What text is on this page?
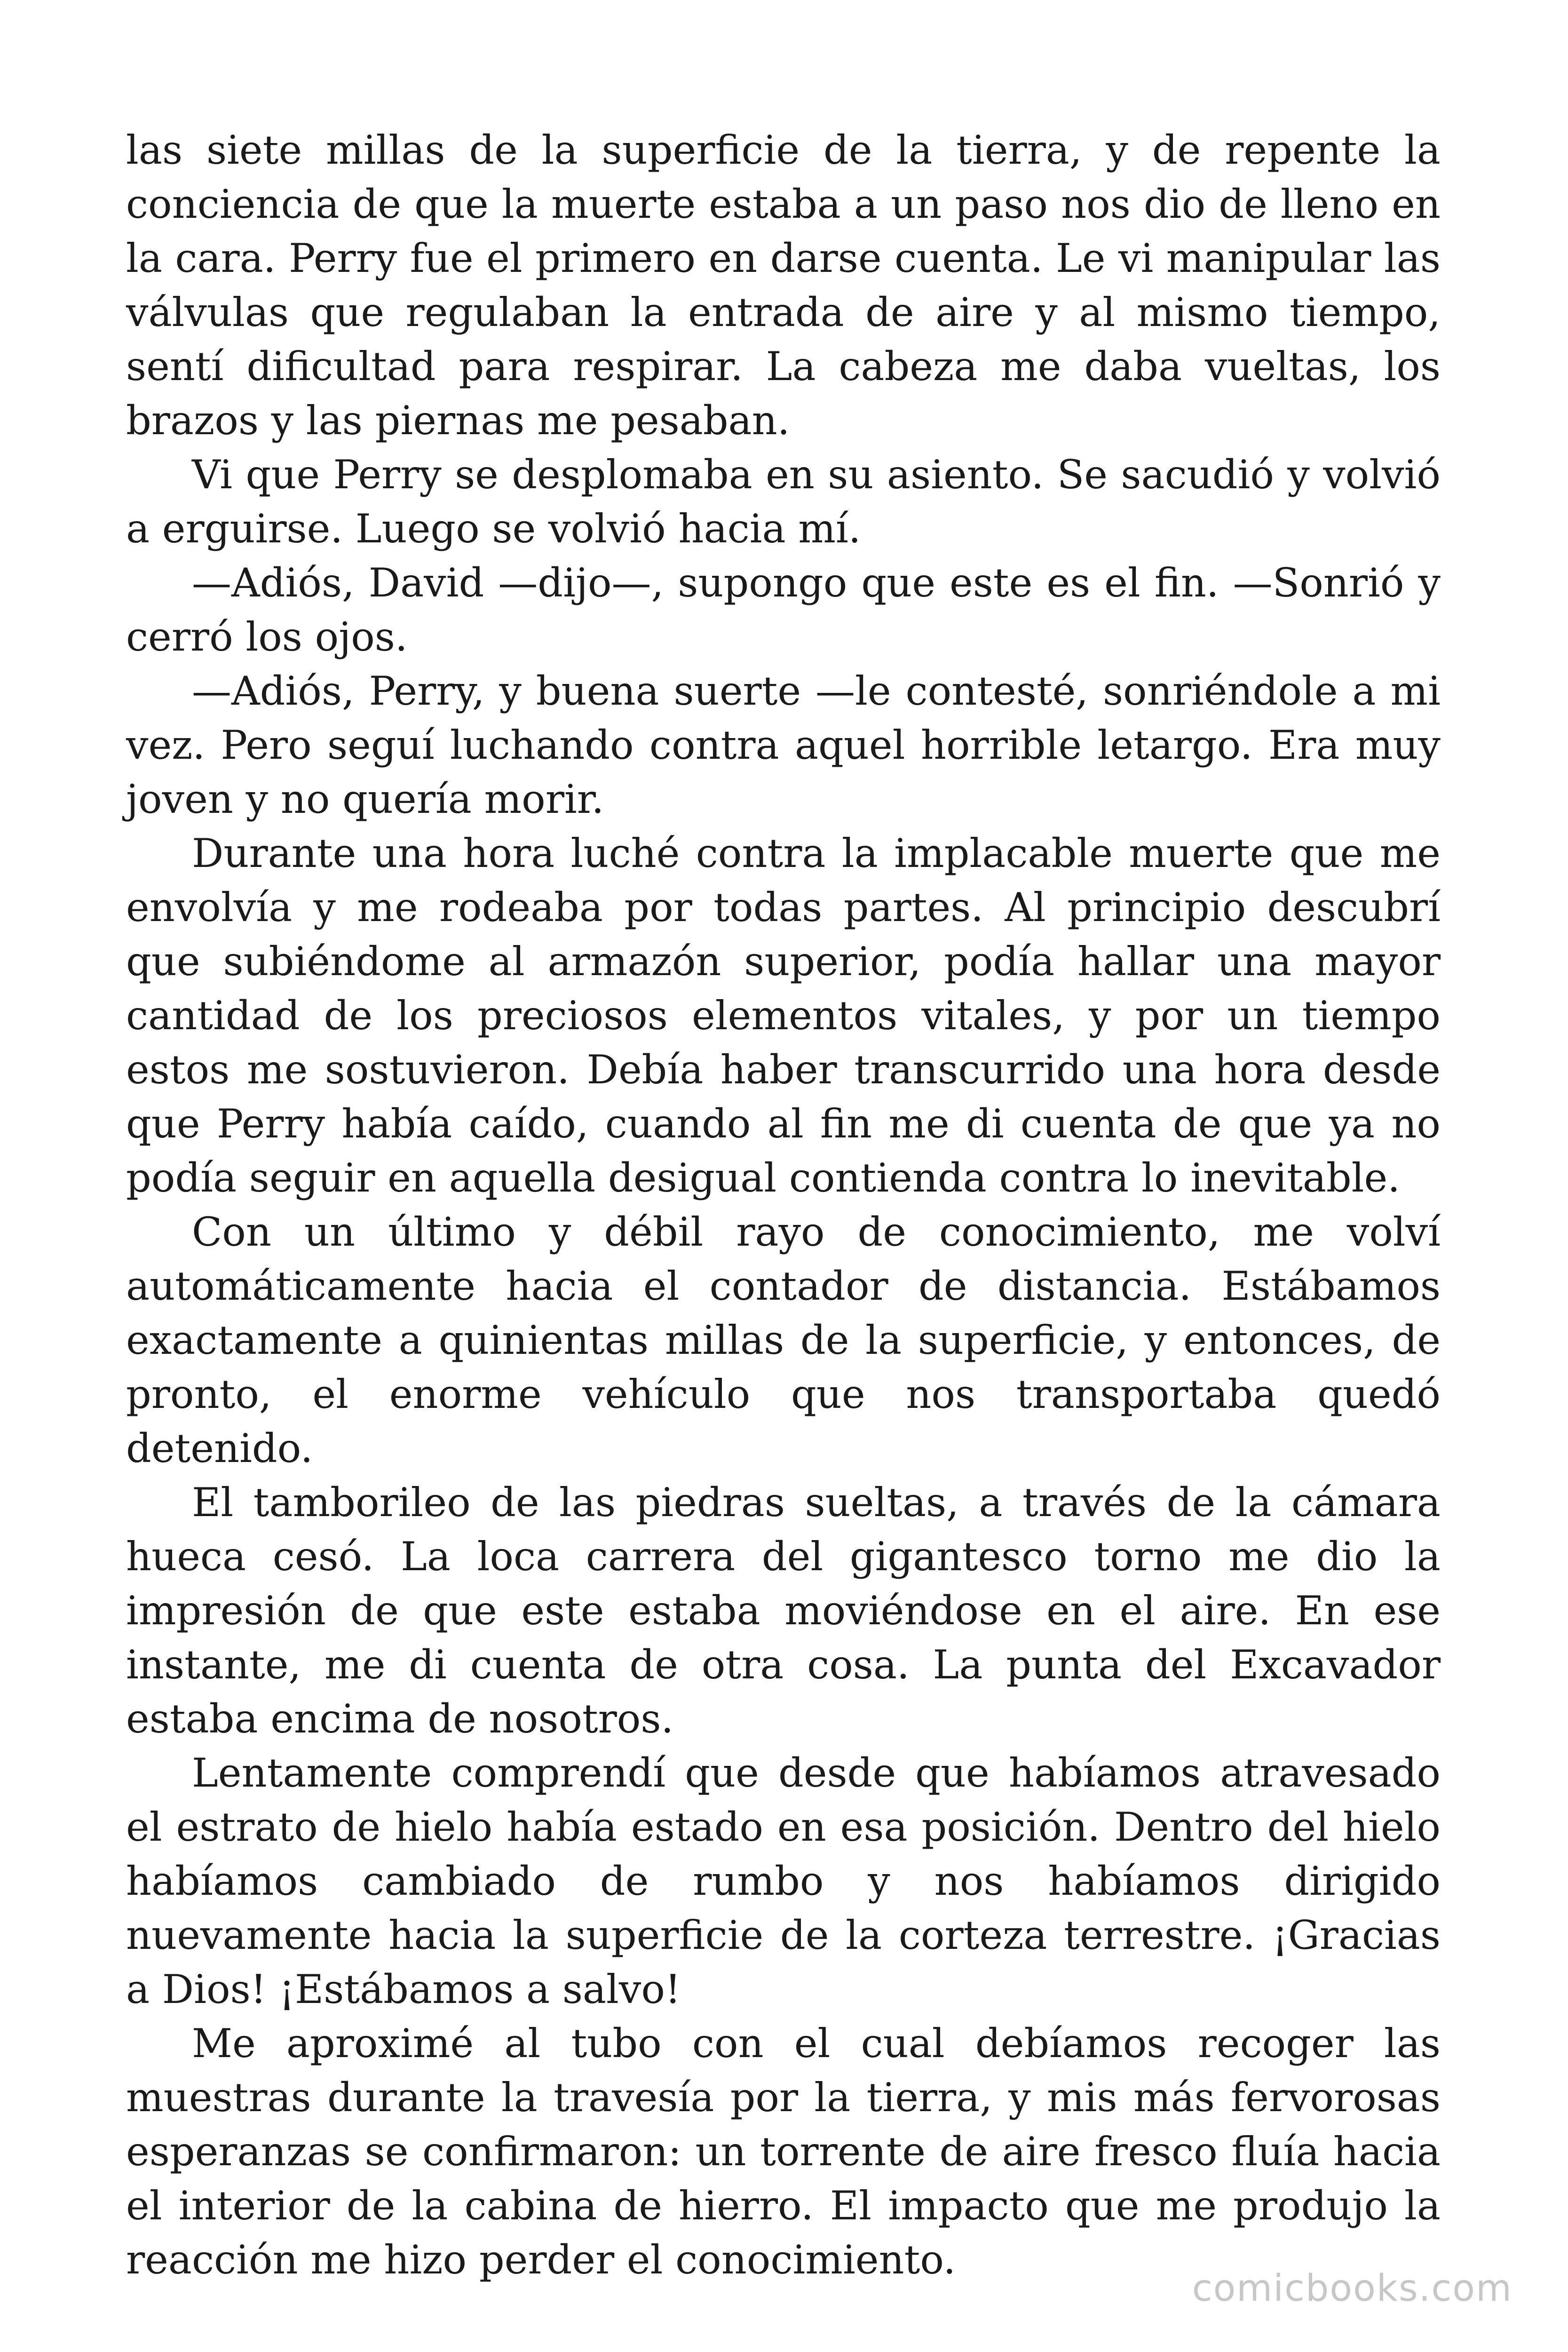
las siete millas de la superficie de la tierra, y de repente la conciencia de que la muerte estaba a un paso nos dio de lleno en la cara. Perry fue el primero en darse cuenta. Le vi manipular las válvulas que regulaban la entrada de aire y al mismo tiempo, sentí dificultad para respirar. La cabeza me daba vueltas, los brazos y las piernas me pesaban.

Vi que Perry se desplomaba en su asiento. Se sacudió y volvió a erguirse. Luego se volvió hacia mí.

—Adiós, David —dijo—, supongo que este es el fin. —Sonrió y cerró los ojos.

—Adiós, Perry, y buena suerte —le contesté, sonriéndole a mi vez. Pero seguí luchando contra aquel horrible letargo. Era muy joven y no quería morir.

Durante una hora luché contra la implacable muerte que me envolvía y me rodeaba por todas partes. Al principio descubrí que subiéndome al armazón superior, podía hallar una mayor cantidad de los preciosos elementos vitales, y por un tiempo estos me sostuvieron. Debía haber transcurrido una hora desde que Perry había caído, cuando al fin me di cuenta de que ya no podía seguir en aquella desigual contienda contra lo inevitable.

Con un último y débil rayo de conocimiento, me volví automáticamente hacia el contador de distancia. Estábamos exactamente a quinientas millas de la superficie, y entonces, de pronto, el enorme vehículo que nos transportaba quedó detenido.

El tamborileo de las piedras sueltas, a través de la cámara hueca cesó. La loca carrera del gigantesco torno me dio la impresión de que este estaba moviéndose en el aire. En ese instante, me di cuenta de otra cosa. La punta del Excavador estaba encima de nosotros.

Lentamente comprendí que desde que habíamos atravesado el estrato de hielo había estado en esa posición. Dentro del hielo habíamos cambiado de rumbo y nos habíamos dirigido nuevamente hacia la superficie de la corteza terrestre. ¡Gracias a Dios! ¡Estábamos a salvo!

Me aproximé al tubo con el cual debíamos recoger las muestras durante la travesía por la tierra, y mis más fervorosas esperanzas se confirmaron: un torrente de aire fresco fluía hacia el interior de la cabina de hierro. El impacto que me produjo la reacción me hizo perder el conocimiento.

comicbooks.com
